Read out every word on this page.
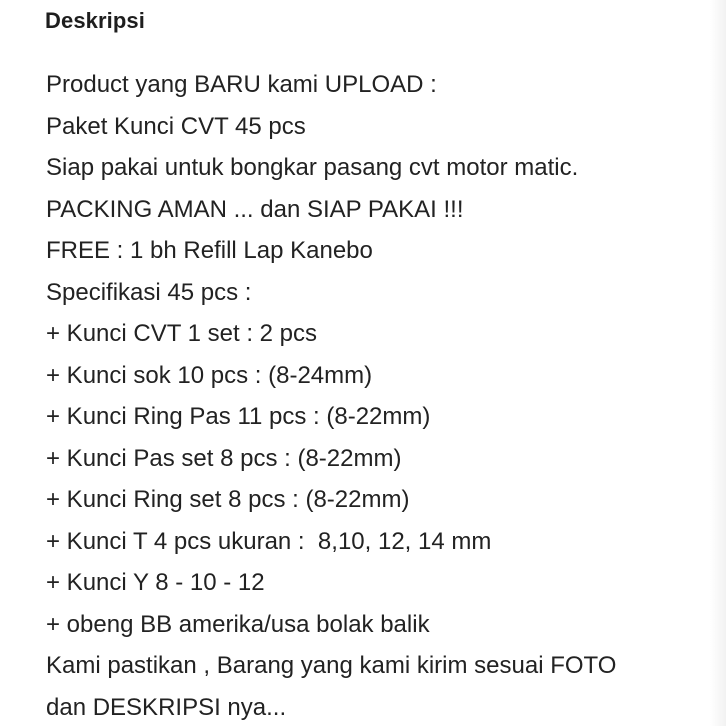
Deskripsi
Product yang BARU kami UPLOAD :
Paket Kunci CVT 45 pcs
Siap pakai untuk bongkar pasang cvt motor matic.
PACKING AMAN ... dan SIAP PAKAI !!!
FREE : 1 bh Refill Lap Kanebo
Specifikasi 45 pcs :
+ Kunci CVT 1 set : 2 pcs
+ Kunci sok 10 pcs : (8-24mm)
+ Kunci Ring Pas 11 pcs : (8-22mm)
+ Kunci Pas set 8 pcs : (8-22mm)
+ Kunci Ring set 8 pcs : (8-22mm)
+ Kunci T 4 pcs ukuran :  8,10, 12, 14 mm
+ Kunci Y 8 - 10 - 12
+ obeng BB amerika/usa bolak balik
Kami pastikan , Barang yang kami kirim sesuai FOTO
dan DESKRIPSI nya...
